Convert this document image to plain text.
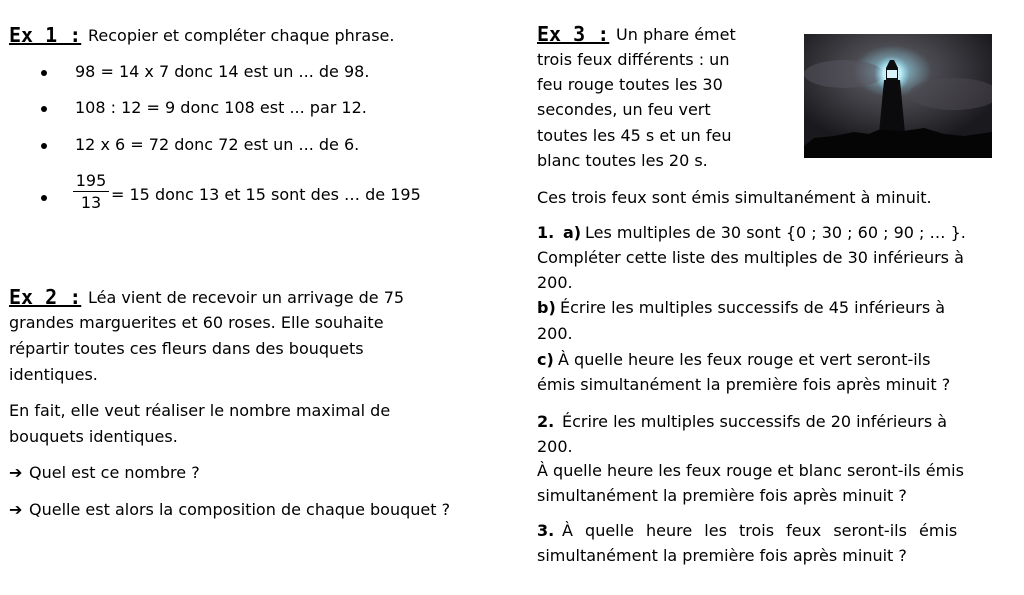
Ex 1 : Recopier et compléter chaque phrase.
98 = 14 x 7 donc 14 est un ... de 98.
108 : 12 = 9 donc 108 est ... par 12.
12 x 6 = 72 donc 72 est un ... de 6.
$\frac{195}{13} = 15$ donc 13 et 15 sont des … de 195
Ex 2 : Léa vient de recevoir un arrivage de 75
grandes marguerites et 60 roses. Elle souhaite
répartir toutes ces fleurs dans des bouquets
identiques.
En fait, elle veut réaliser le nombre maximal de
bouquets identiques.
➔ Quel est ce nombre ?
➔ Quelle est alors la composition de chaque bouquet ?
Ex 3 : Un phare émet
trois feux différents : un
feu rouge toutes les 30
secondes, un feu vert
toutes les 45 s et un feu
blanc toutes les 20 s.
Ces trois feux sont émis simultanément à minuit.
1. a) Les multiples de 30 sont {0 ; 30 ; 60 ; 90 ; … }.
Compléter cette liste des multiples de 30 inférieurs à
200.
b) Écrire les multiples successifs de 45 inférieurs à
200.
c) À quelle heure les feux rouge et vert seront-ils
émis simultanément la première fois après minuit ?
2. Écrire les multiples successifs de 20 inférieurs à
200.
À quelle heure les feux rouge et blanc seront-ils émis
simultanément la première fois après minuit ?
3. À quelle heure les trois feux seront-ils émis
simultanément la première fois après minuit ?
